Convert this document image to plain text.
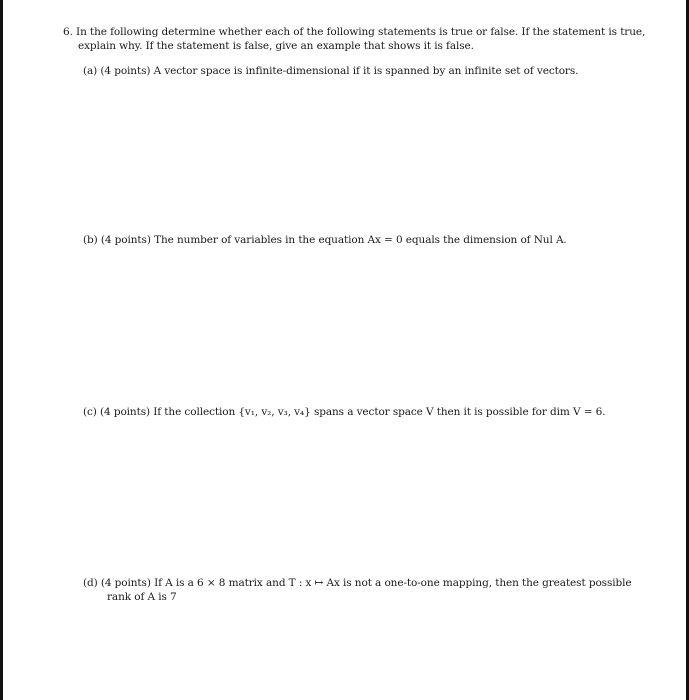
6. In the following determine whether each of the following statements is true or false. If the statement is true,
explain why. If the statement is false, give an example that shows it is false.
(a) (4 points) A vector space is infinite-dimensional if it is spanned by an infinite set of vectors.
(b) (4 points) The number of variables in the equation Ax = 0 equals the dimension of Nul A.
(c) (4 points) If the collection {v₁, v₂, v₃, v₄} spans a vector space V then it is possible for dim V = 6.
(d) (4 points) If A is a 6 × 8 matrix and T : x ↦ Ax is not a one-to-one mapping, then the greatest possible
rank of A is 7
